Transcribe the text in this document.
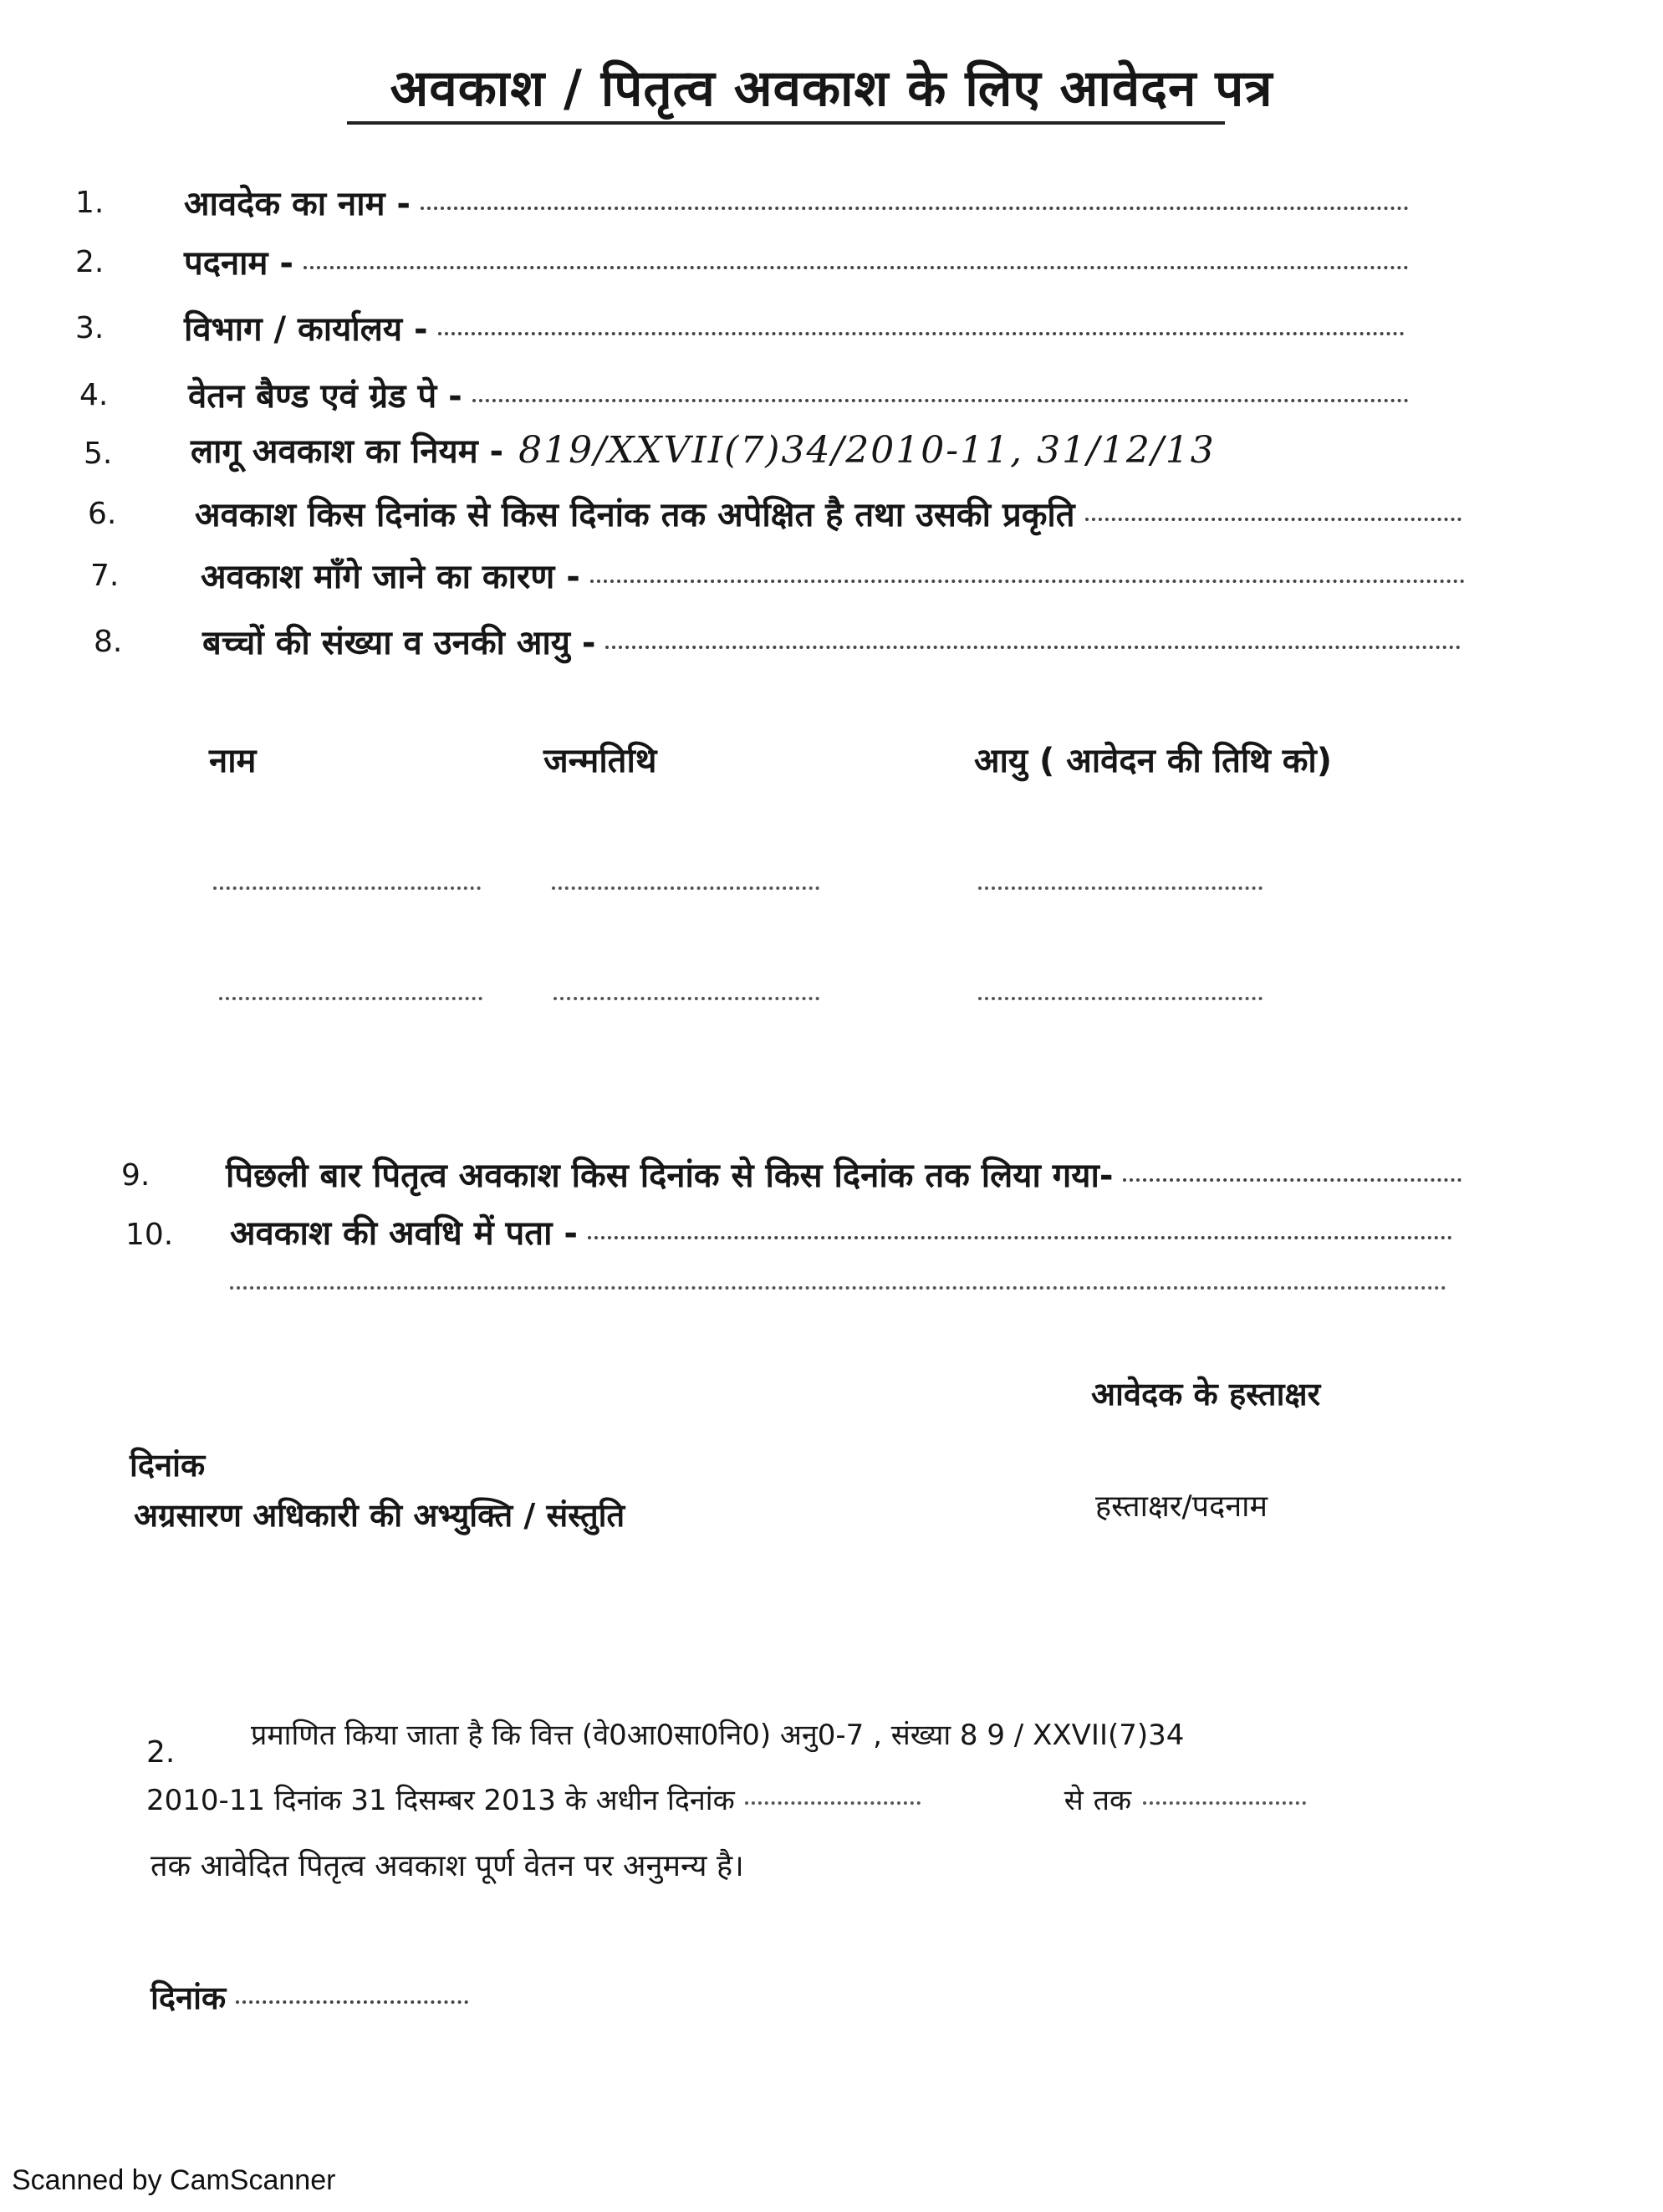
अवकाश / पितृत्व अवकाश के लिए आवेदन पत्र
1. आवदेक का नाम -
2. पदनाम -
3. विभाग / कार्यालय -
4. वेतन बैण्ड एवं ग्रेड पे -
5. लागू अवकाश का नियम - 819/XXVII(7)34/2010-11, 31/12/13
6. अवकाश किस दिनांक से किस दिनांक तक अपेक्षित है तथा उसकी प्रकृति
7. अवकाश माँगे जाने का कारण -
8. बच्चों की संख्या व उनकी आयु -
नाम	जन्मतिथि	आयु ( आवेदन की तिथि को)
9. पिछली बार पितृत्व अवकाश किस दिनांक से किस दिनांक तक लिया गया-
10. अवकाश की अवधि में पता -
आवेदक के हस्ताक्षर
दिनांक
अग्रसारण अधिकारी की अभ्युक्ति / संस्तुति	हस्ताक्षर/पदनाम
2.	प्रमाणित किया जाता है कि वित्त (वे0आ0सा0नि0) अनु0-7 , संख्या 8 9 / XXVII(7)34
2010-11 दिनांक 31 दिसम्बर 2013 के अधीन दिनांक	से तक
तक आवेदित पितृत्व अवकाश पूर्ण वेतन पर अनुमन्य है।
दिनांक
Scanned by CamScanner
